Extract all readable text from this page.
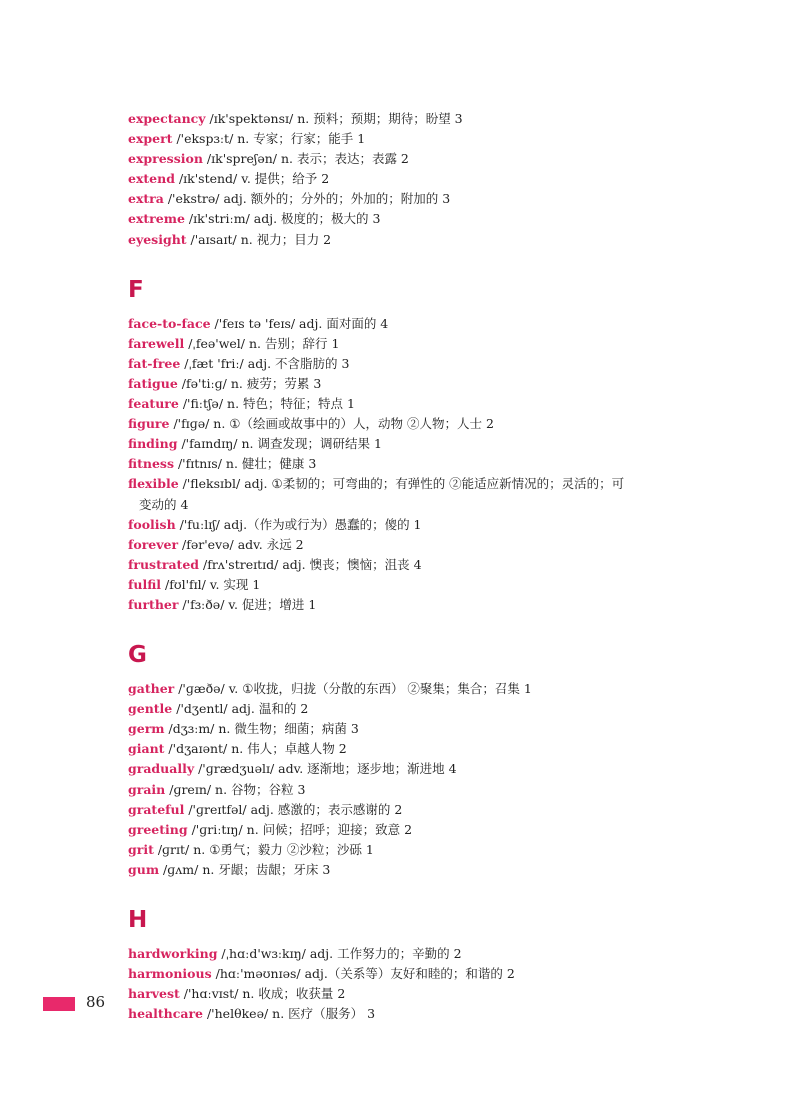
expectancy /ɪk'spektənsɪ/ n. 预料；预期；期待；盼望 3
expert /'ekspɜːt/ n. 专家；行家；能手 1
expression /ɪk'spreʃən/ n. 表示；表达；表露 2
extend /ɪk'stend/ v. 提供；给予 2
extra /'ekstrə/ adj. 额外的；分外的；外加的；附加的 3
extreme /ɪk'striːm/ adj. 极度的；极大的 3
eyesight /'aɪsaɪt/ n. 视力；目力 2
F
face-to-face /'feɪs tə 'feɪs/ adj. 面对面的 4
farewell /ˌfeə'wel/ n. 告别；辞行 1
fat-free /ˌfæt 'friː/ adj. 不含脂肪的 3
fatigue /fə'tiːɡ/ n. 疲劳；劳累 3
feature /'fiːtʃə/ n. 特色；特征；特点 1
figure /'fɪɡə/ n. ①（绘画或故事中的）人，动物 ②人物；人士 2
finding /'faɪndɪŋ/ n. 调查发现；调研结果 1
fitness /'fɪtnɪs/ n. 健壮；健康 3
flexible /'fleksɪbl/ adj. ①柔韧的；可弯曲的；有弹性的 ②能适应新情况的；灵活的；可
变动的 4
foolish /'fuːlɪʃ/ adj.（作为或行为）愚蠢的；傻的 1
forever /fər'evə/ adv. 永远 2
frustrated /frʌ'streɪtɪd/ adj. 懊丧；懊恼；沮丧 4
fulfil /fʊl'fɪl/ v. 实现 1
further /'fɜːðə/ v. 促进；增进 1
G
gather /'ɡæðə/ v. ①收拢，归拢（分散的东西） ②聚集；集合；召集 1
gentle /'dʒentl/ adj. 温和的 2
germ /dʒɜːm/ n. 微生物；细菌；病菌 3
giant /'dʒaɪənt/ n. 伟人；卓越人物 2
gradually /'ɡrædʒuəlɪ/ adv. 逐渐地；逐步地；渐进地 4
grain /ɡreɪn/ n. 谷物；谷粒 3
grateful /'ɡreɪtfəl/ adj. 感激的；表示感谢的 2
greeting /'ɡriːtɪŋ/ n. 问候；招呼；迎接；致意 2
grit /ɡrɪt/ n. ①勇气；毅力 ②沙粒；沙砾 1
gum /ɡʌm/ n. 牙龈；齿龈；牙床 3
H
hardworking /ˌhɑːd'wɜːkɪŋ/ adj. 工作努力的；辛勤的 2
harmonious /hɑː'məʊnɪəs/ adj.（关系等）友好和睦的；和谐的 2
harvest /'hɑːvɪst/ n. 收成；收获量 2
healthcare /'helθkeə/ n. 医疗（服务） 3
86
